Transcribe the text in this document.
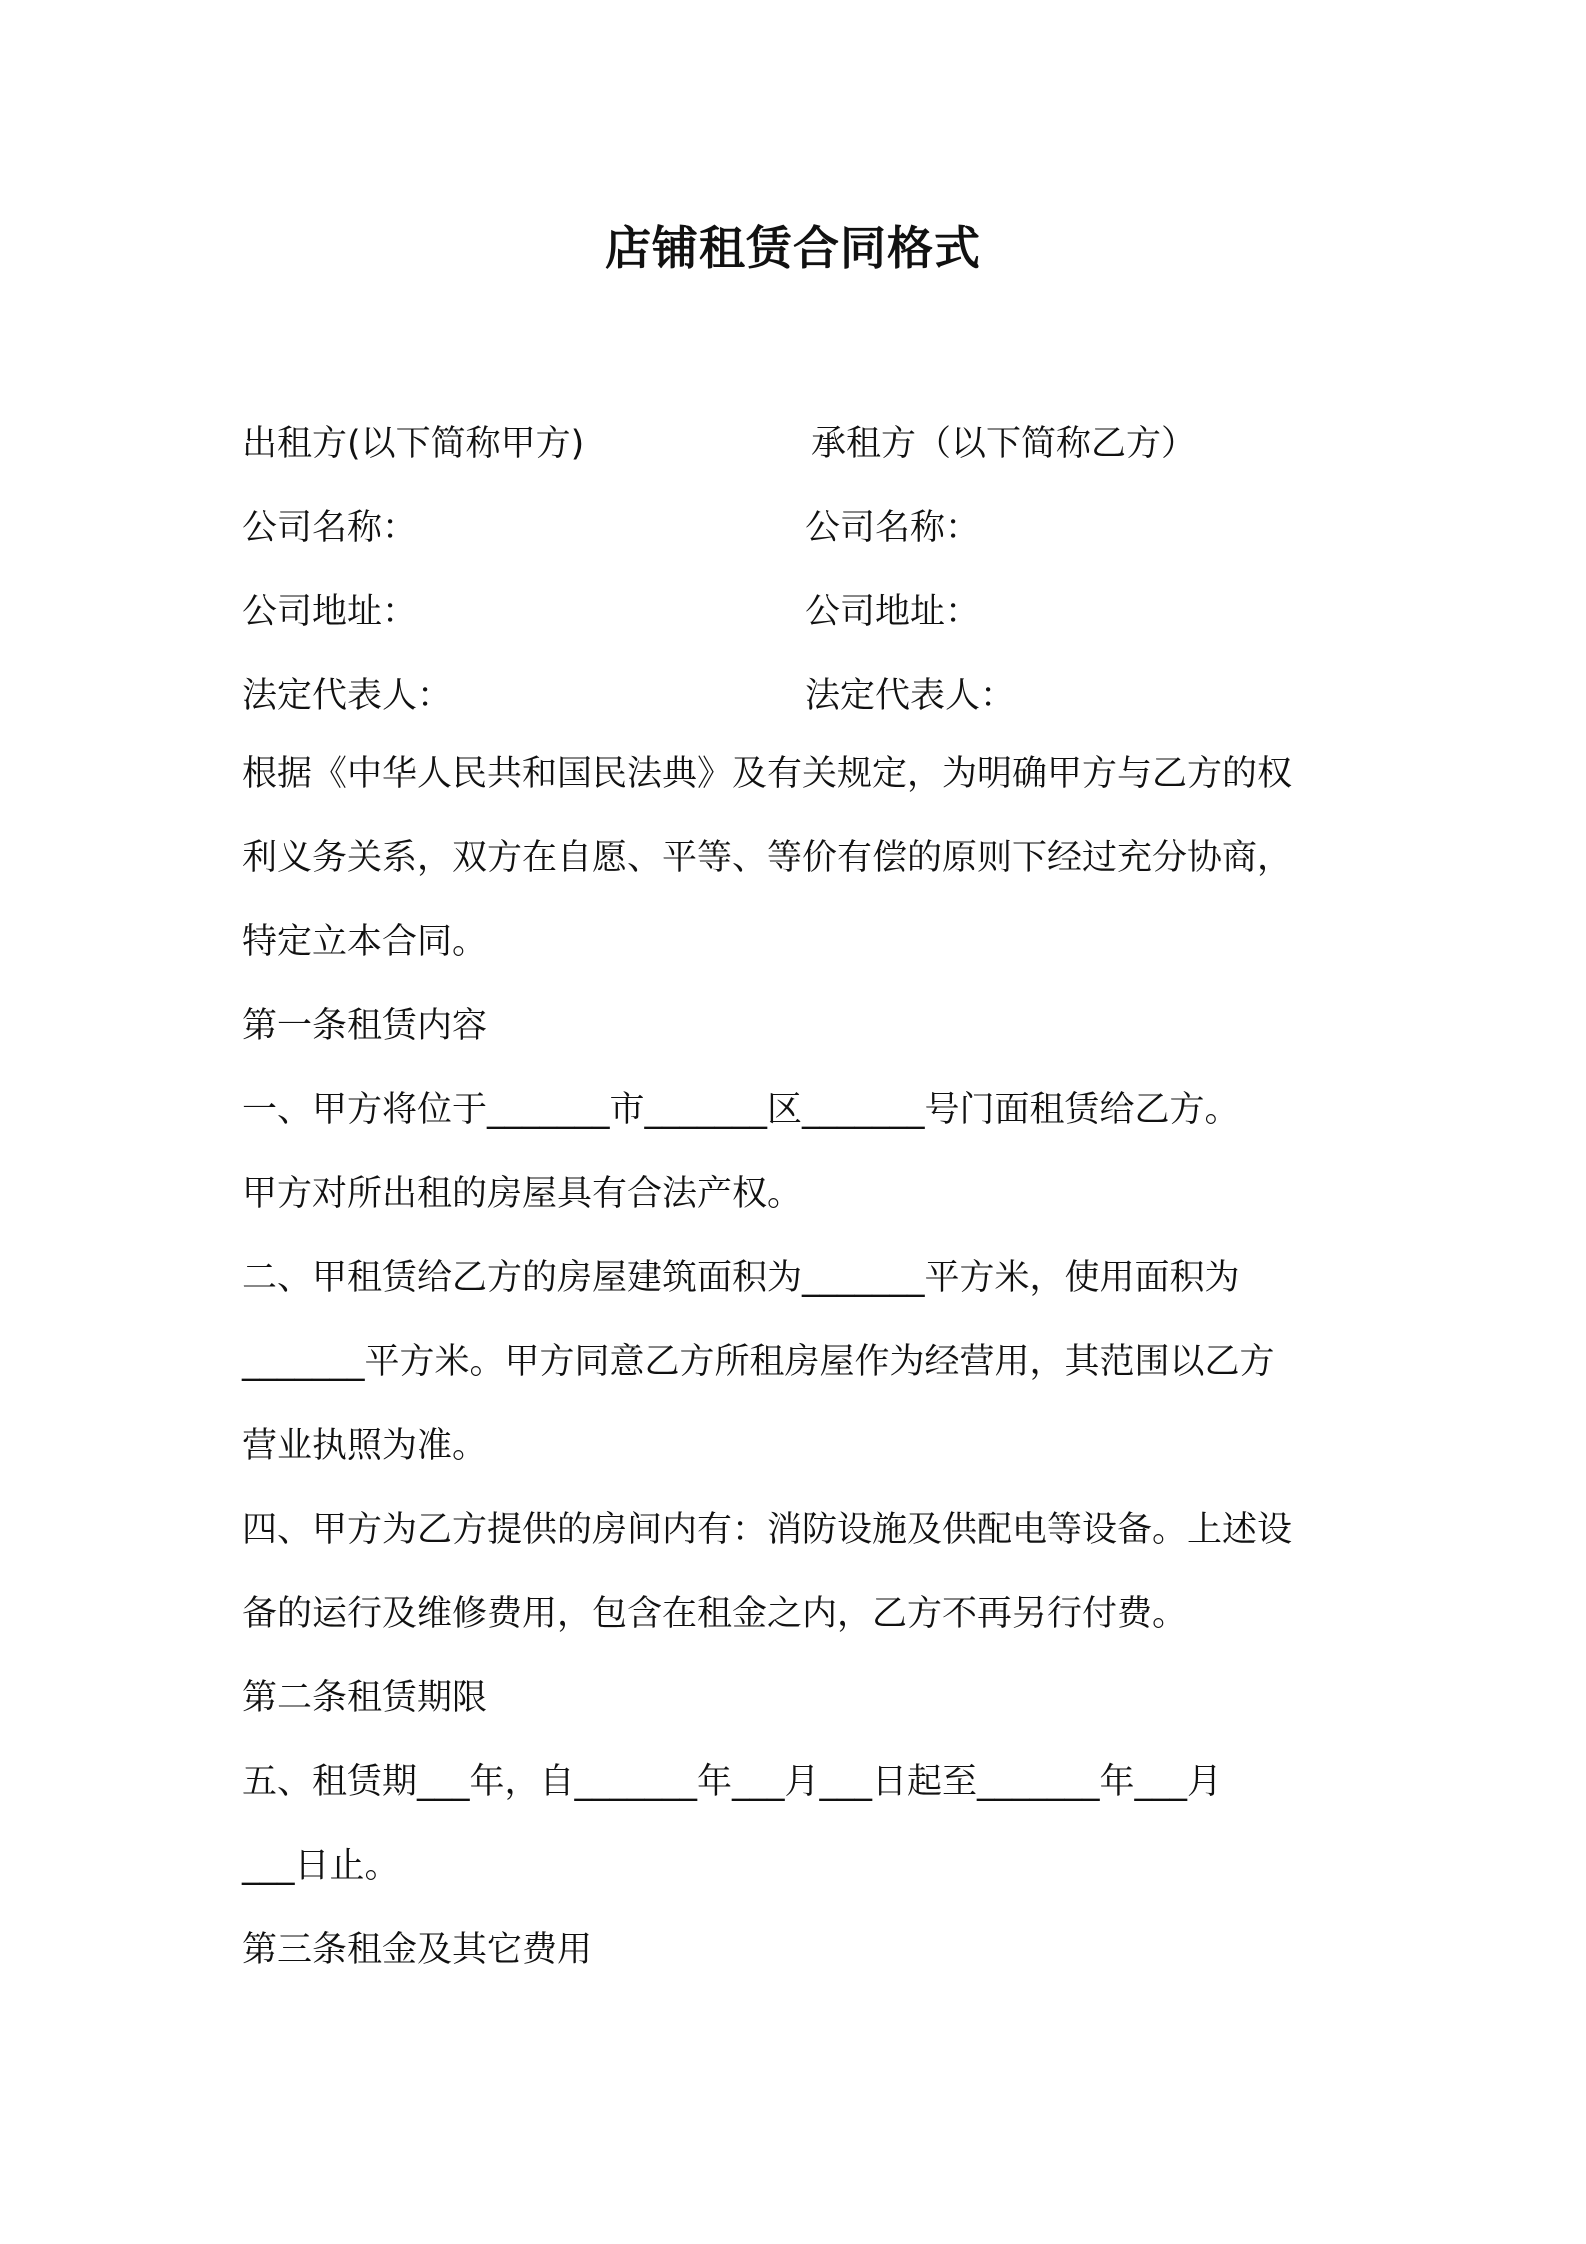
店铺租赁合同格式
出租方(以下简称甲方)	承租方（以下简称乙方）
公司名称：	公司名称：
公司地址：	公司地址：
法定代表人：	法定代表人：

根据《中华人民共和国民法典》及有关规定，为明确甲方与乙方的权

利义务关系，双方在自愿、平等、等价有偿的原则下经过充分协商，

特定立本合同。

第一条租赁内容

一、甲方将位于_______市_______区_______号门面租赁给乙方。

甲方对所出租的房屋具有合法产权。

二、甲租赁给乙方的房屋建筑面积为_______平方米，使用面积为

_______平方米。甲方同意乙方所租房屋作为经营用，其范围以乙方

营业执照为准。

四、甲方为乙方提供的房间内有：消防设施及供配电等设备。上述设

备的运行及维修费用，包含在租金之内，乙方不再另行付费。

第二条租赁期限

五、租赁期___年，自_______年___月___日起至_______年___月

___日止。

第三条租金及其它费用
